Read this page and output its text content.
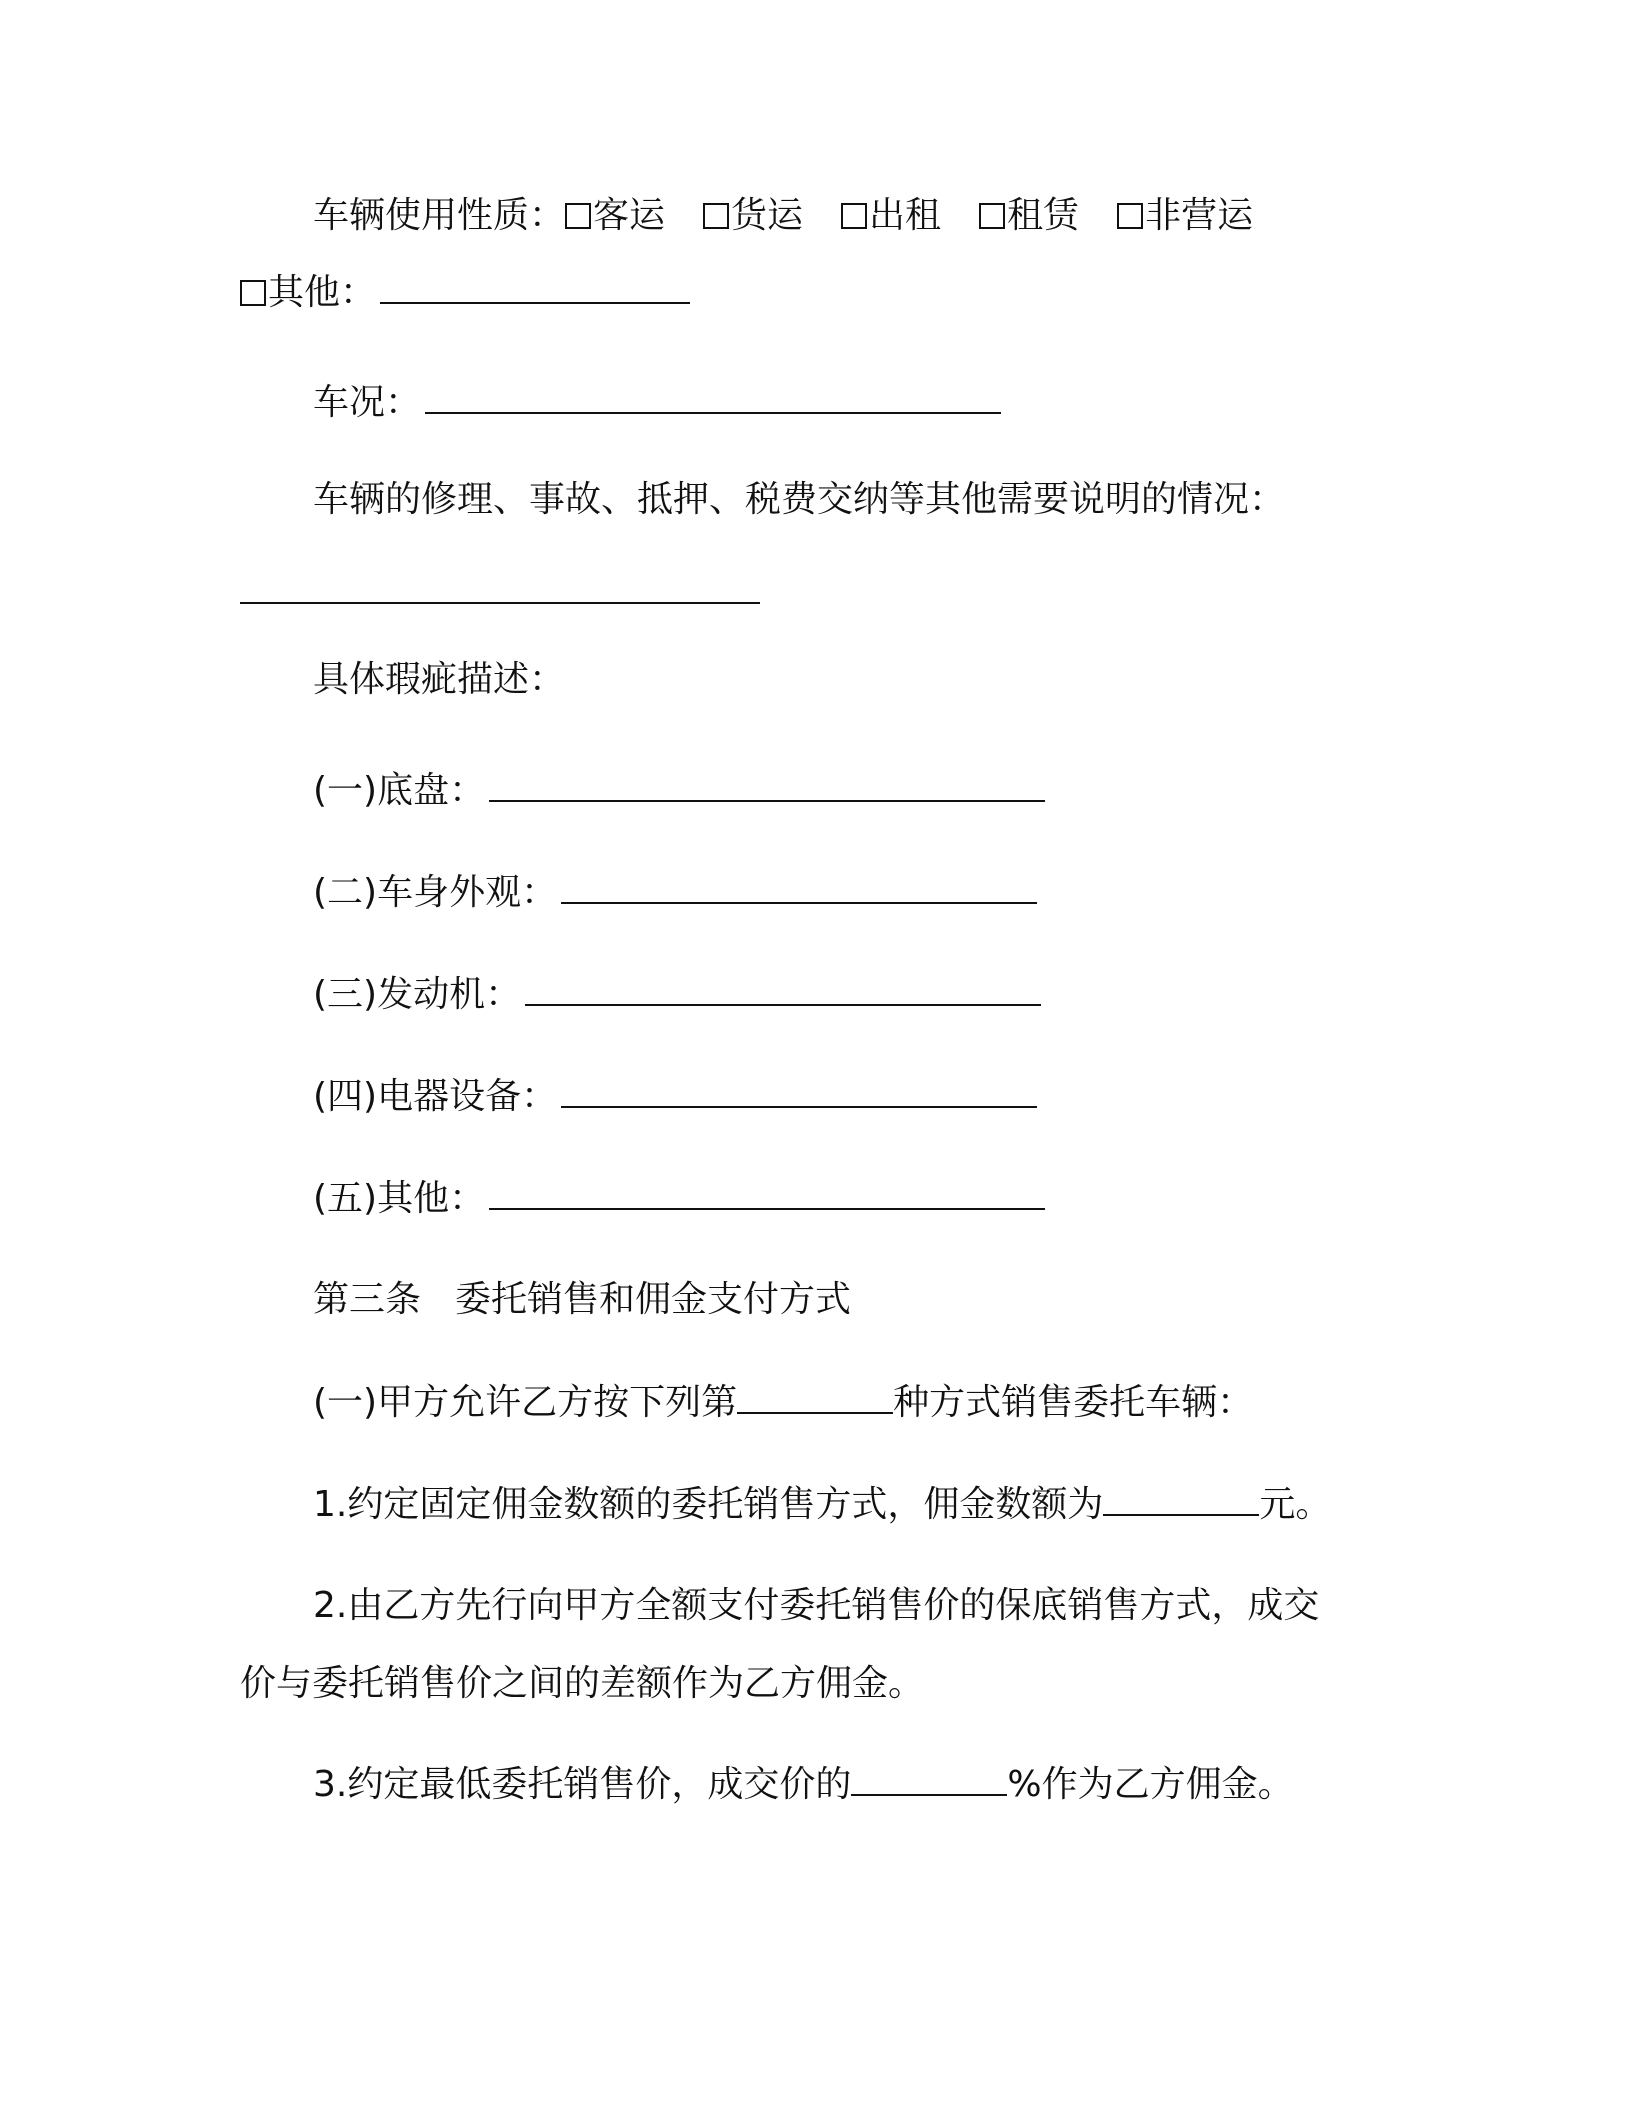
车辆使用性质： 客运 货运 出租 租赁 非营运
其他：
车况：
车辆的修理、事故、抵押、税费交纳等其他需要说明的情况：
具体瑕疵描述：
(一)底盘：
(二)车身外观：
(三)发动机：
(四)电器设备：
(五)其他：
第三条 委托销售和佣金支付方式
(一)甲方允许乙方按下列第	种方式销售委托车辆：
1.约定固定佣金数额的委托销售方式，佣金数额为	元。
2.由乙方先行向甲方全额支付委托销售价的保底销售方式，成交
价与委托销售价之间的差额作为乙方佣金。
3.约定最低委托销售价，成交价的	%作为乙方佣金。
